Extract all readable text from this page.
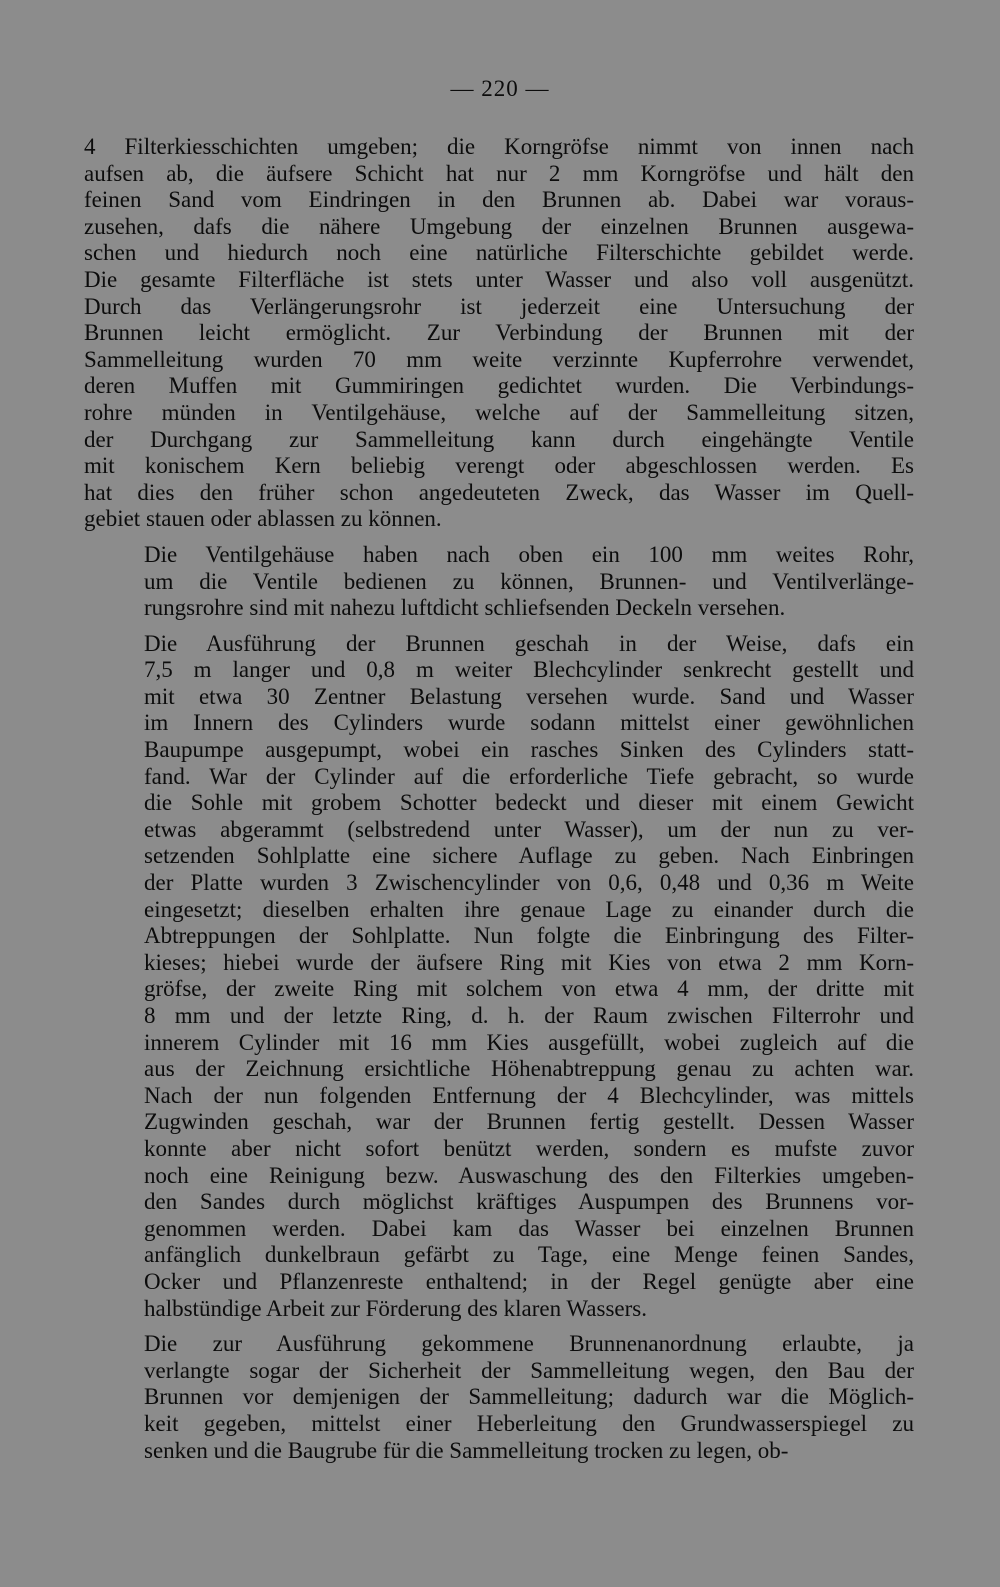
— 220 —
4 Filterkiesschichten umgeben; die Korngröfse nimmt von innen nach
aufsen ab, die äufsere Schicht hat nur 2 mm Korngröfse und hält den
feinen Sand vom Eindringen in den Brunnen ab. Dabei war voraus-
zusehen, dafs die nähere Umgebung der einzelnen Brunnen ausgewa-
schen und hiedurch noch eine natürliche Filterschichte gebildet werde.
Die gesamte Filterfläche ist stets unter Wasser und also voll ausgenützt.
Durch das Verlängerungsrohr ist jederzeit eine Untersuchung der
Brunnen leicht ermöglicht. Zur Verbindung der Brunnen mit der
Sammelleitung wurden 70 mm weite verzinnte Kupferrohre verwendet,
deren Muffen mit Gummiringen gedichtet wurden. Die Verbindungs-
rohre münden in Ventilgehäuse, welche auf der Sammelleitung sitzen,
der Durchgang zur Sammelleitung kann durch eingehängte Ventile
mit konischem Kern beliebig verengt oder abgeschlossen werden. Es
hat dies den früher schon angedeuteten Zweck, das Wasser im Quell-
gebiet stauen oder ablassen zu können.
Die Ventilgehäuse haben nach oben ein 100 mm weites Rohr,
um die Ventile bedienen zu können, Brunnen- und Ventilverlänge-
rungsrohre sind mit nahezu luftdicht schliefsenden Deckeln versehen.
Die Ausführung der Brunnen geschah in der Weise, dafs ein
7,5 m langer und 0,8 m weiter Blechcylinder senkrecht gestellt und
mit etwa 30 Zentner Belastung versehen wurde. Sand und Wasser
im Innern des Cylinders wurde sodann mittelst einer gewöhnlichen
Baupumpe ausgepumpt, wobei ein rasches Sinken des Cylinders statt-
fand. War der Cylinder auf die erforderliche Tiefe gebracht, so wurde
die Sohle mit grobem Schotter bedeckt und dieser mit einem Gewicht
etwas abgerammt (selbstredend unter Wasser), um der nun zu ver-
setzenden Sohlplatte eine sichere Auflage zu geben. Nach Einbringen
der Platte wurden 3 Zwischencylinder von 0,6, 0,48 und 0,36 m Weite
eingesetzt; dieselben erhalten ihre genaue Lage zu einander durch die
Abtreppungen der Sohlplatte. Nun folgte die Einbringung des Filter-
kieses; hiebei wurde der äufsere Ring mit Kies von etwa 2 mm Korn-
gröfse, der zweite Ring mit solchem von etwa 4 mm, der dritte mit
8 mm und der letzte Ring, d. h. der Raum zwischen Filterrohr und
innerem Cylinder mit 16 mm Kies ausgefüllt, wobei zugleich auf die
aus der Zeichnung ersichtliche Höhenabtreppung genau zu achten war.
Nach der nun folgenden Entfernung der 4 Blechcylinder, was mittels
Zugwinden geschah, war der Brunnen fertig gestellt. Dessen Wasser
konnte aber nicht sofort benützt werden, sondern es mufste zuvor
noch eine Reinigung bezw. Auswaschung des den Filterkies umgeben-
den Sandes durch möglichst kräftiges Auspumpen des Brunnens vor-
genommen werden. Dabei kam das Wasser bei einzelnen Brunnen
anfänglich dunkelbraun gefärbt zu Tage, eine Menge feinen Sandes,
Ocker und Pflanzenreste enthaltend; in der Regel genügte aber eine
halbstündige Arbeit zur Förderung des klaren Wassers.
Die zur Ausführung gekommene Brunnenanordnung erlaubte, ja
verlangte sogar der Sicherheit der Sammelleitung wegen, den Bau der
Brunnen vor demjenigen der Sammelleitung; dadurch war die Möglich-
keit gegeben, mittelst einer Heberleitung den Grundwasserspiegel zu
senken und die Baugrube für die Sammelleitung trocken zu legen, ob-
